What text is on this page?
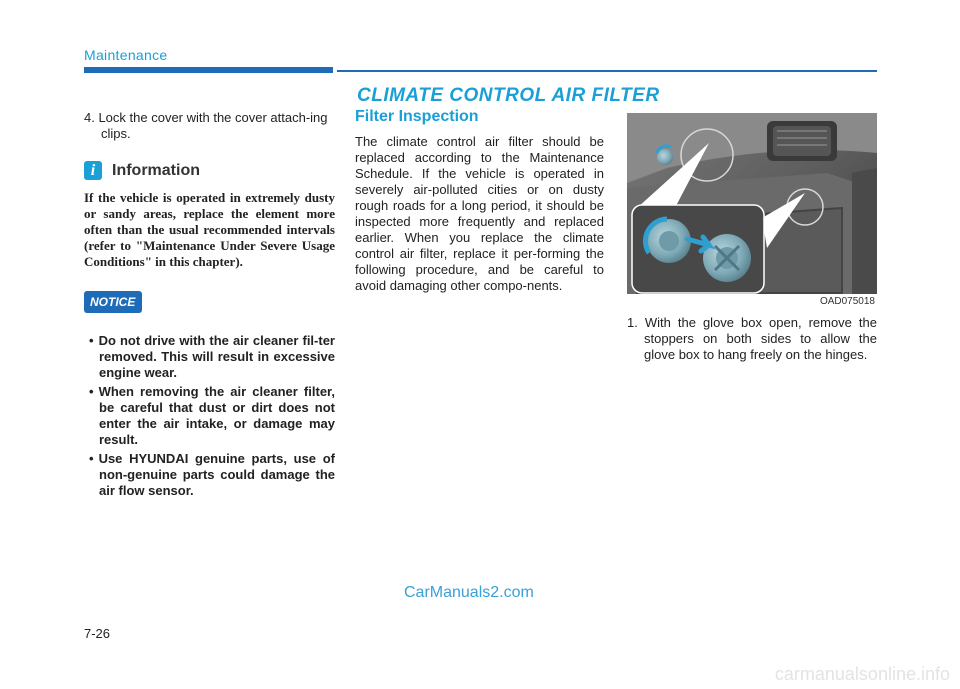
Maintenance
CLIMATE CONTROL AIR FILTER
4. Lock the cover with the cover attach-ing clips.
i	Information
If the vehicle is operated in extremely dusty or sandy areas, replace the element more often than the usual recommended intervals (refer to "Maintenance Under Severe Usage Conditions" in this chapter).
NOTICE
• Do not drive with the air cleaner fil-ter removed. This will result in excessive engine wear.
• When removing the air cleaner filter, be careful that dust or dirt does not enter the air intake, or damage may result.
• Use HYUNDAI genuine parts, use of non-genuine parts could damage the air flow sensor.
Filter Inspection
The climate control air filter should be replaced according to the Maintenance Schedule. If the vehicle is operated in severely air-polluted cities or on dusty rough roads for a long period, it should be inspected more frequently and replaced earlier. When you replace the climate control air filter, replace it per-forming the following procedure, and be careful to avoid damaging other compo-nents.
OAD075018
1. With the glove box open, remove the stoppers on both sides to allow the glove box to hang freely on the hinges.
7-26
CarManuals2.com
carmanualsonline.info
